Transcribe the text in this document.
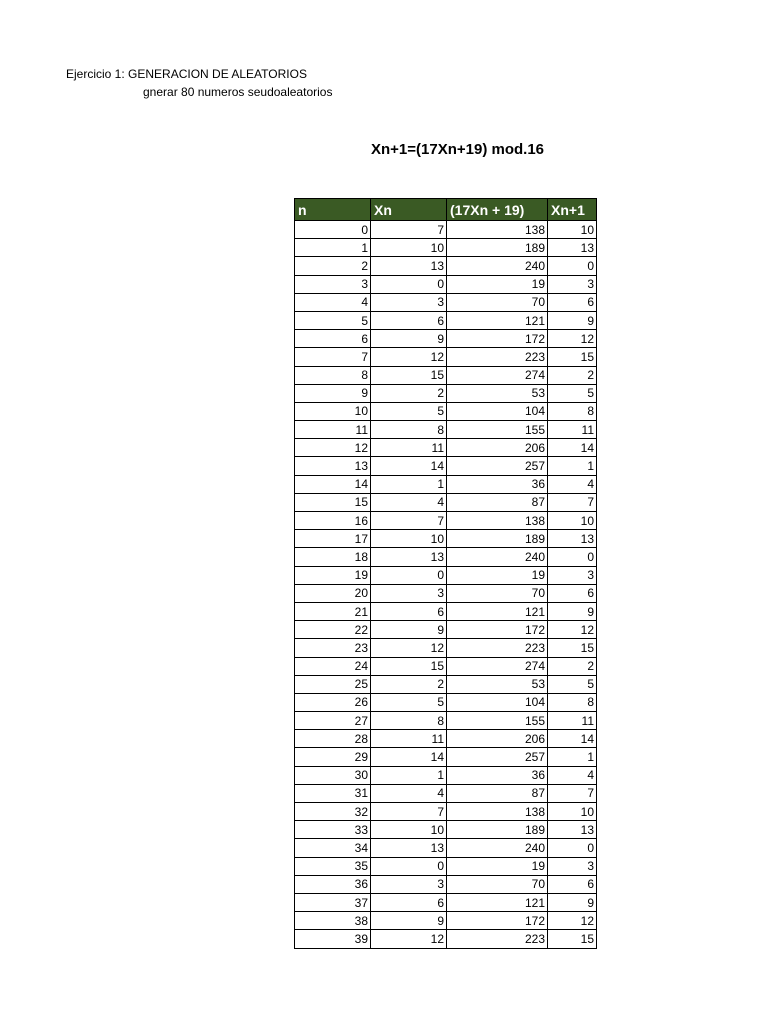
Ejercicio 1: GENERACION DE ALEATORIOS
gnerar 80 numeros seudoaleatorios
Xn+1=(17Xn+19) mod.16
n	Xn	(17Xn + 19)	Xn+1
0	7	138	10
1	10	189	13
2	13	240	0
3	0	19	3
4	3	70	6
5	6	121	9
6	9	172	12
7	12	223	15
8	15	274	2
9	2	53	5
10	5	104	8
11	8	155	11
12	11	206	14
13	14	257	1
14	1	36	4
15	4	87	7
16	7	138	10
17	10	189	13
18	13	240	0
19	0	19	3
20	3	70	6
21	6	121	9
22	9	172	12
23	12	223	15
24	15	274	2
25	2	53	5
26	5	104	8
27	8	155	11
28	11	206	14
29	14	257	1
30	1	36	4
31	4	87	7
32	7	138	10
33	10	189	13
34	13	240	0
35	0	19	3
36	3	70	6
37	6	121	9
38	9	172	12
39	12	223	15
